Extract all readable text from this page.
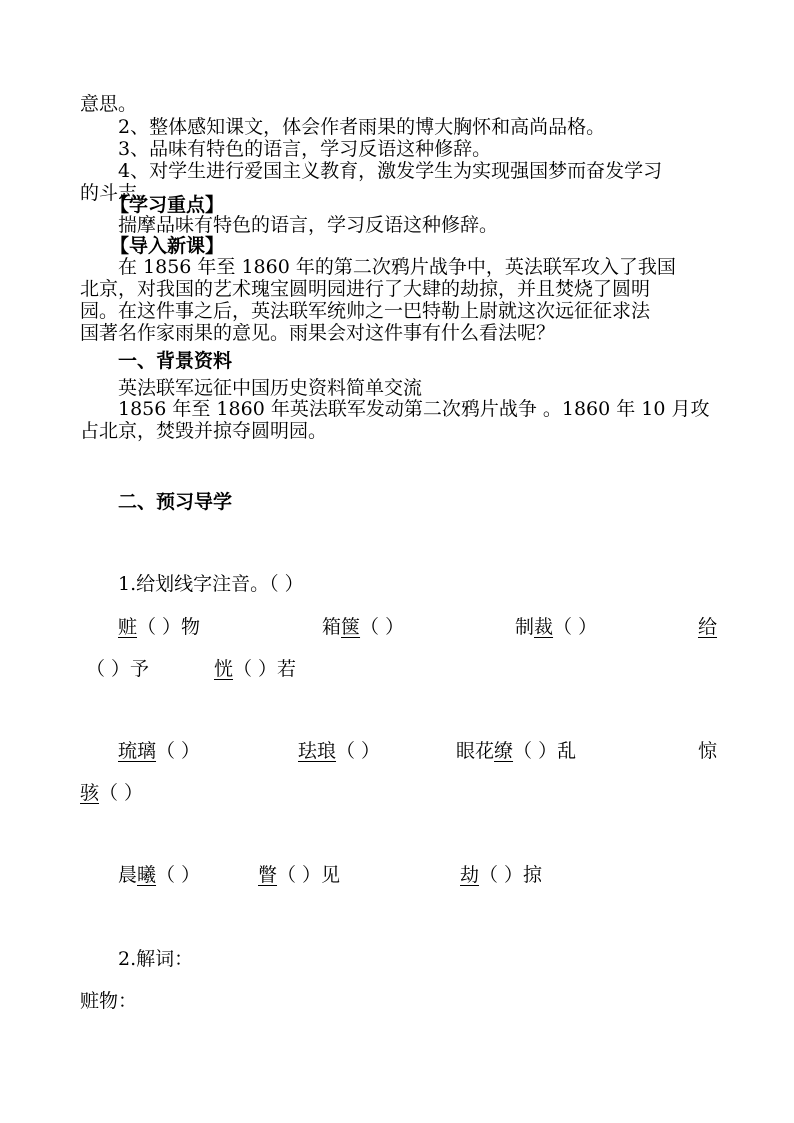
意思。
2、整体感知课文，体会作者雨果的博大胸怀和高尚品格。
3、品味有特色的语言，学习反语这种修辞。
4、对学生进行爱国主义教育，激发学生为实现强国梦而奋发学习
的斗志。
【学习重点】
揣摩品味有特色的语言，学习反语这种修辞。
【导入新课】
在 1856 年至 1860 年的第二次鸦片战争中，英法联军攻入了我国
北京，对我国的艺术瑰宝圆明园进行了大肆的劫掠，并且焚烧了圆明
园。在这件事之后，英法联军统帅之一巴特勒上尉就这次远征征求法
国著名作家雨果的意见。雨果会对这件事有什么看法呢？
一、背景资料
英法联军远征中国历史资料简单交流
1856 年至 1860 年英法联军发动第二次鸦片战争 。1860 年 10 月攻
占北京，焚毁并掠夺圆明园。
二、预习导学
1.给划线字注音。（ ）
赃（ ）物	箱箧（ ）	制裁（ ）	给
（ ）予	恍（ ）若
琉璃（ ）	珐琅（ ）	眼花缭（ ）乱	惊
骇（ ）
晨曦（ ）	瞥（ ）见	劫（ ）掠
2.解词：
赃物：
